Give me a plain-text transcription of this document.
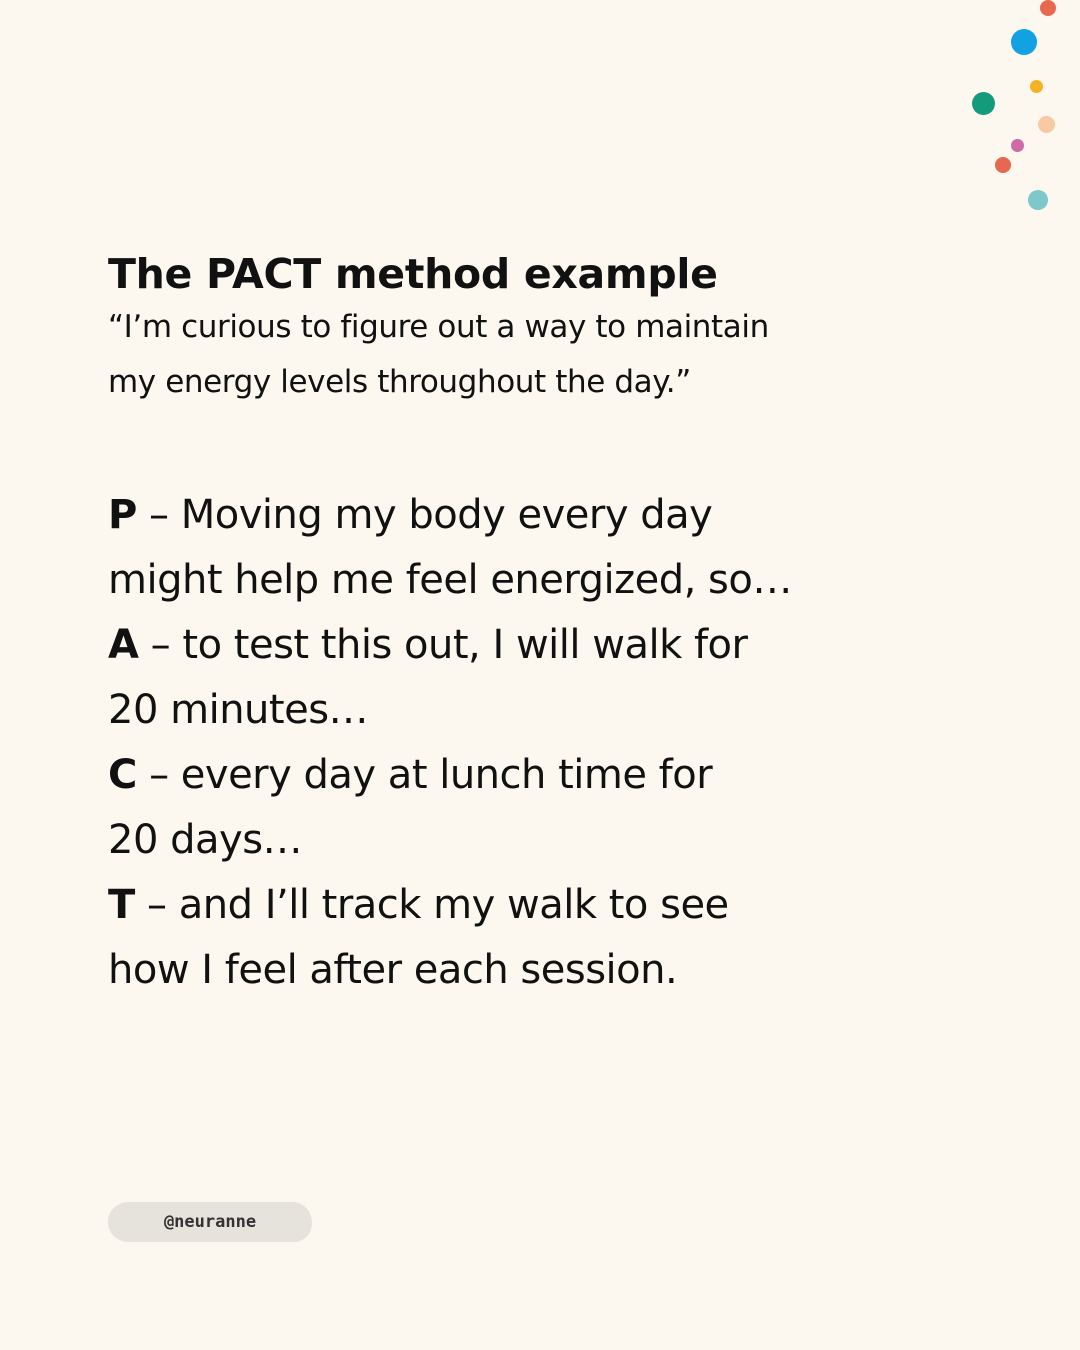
The PACT method example

“I’m curious to figure out a way to maintain
my energy levels throughout the day.”

P – Moving my body every day
might help me feel energized, so…
A – to test this out, I will walk for
20 minutes…
C – every day at lunch time for
20 days…
T – and I’ll track my walk to see
how I feel after each session.
@neuranne
